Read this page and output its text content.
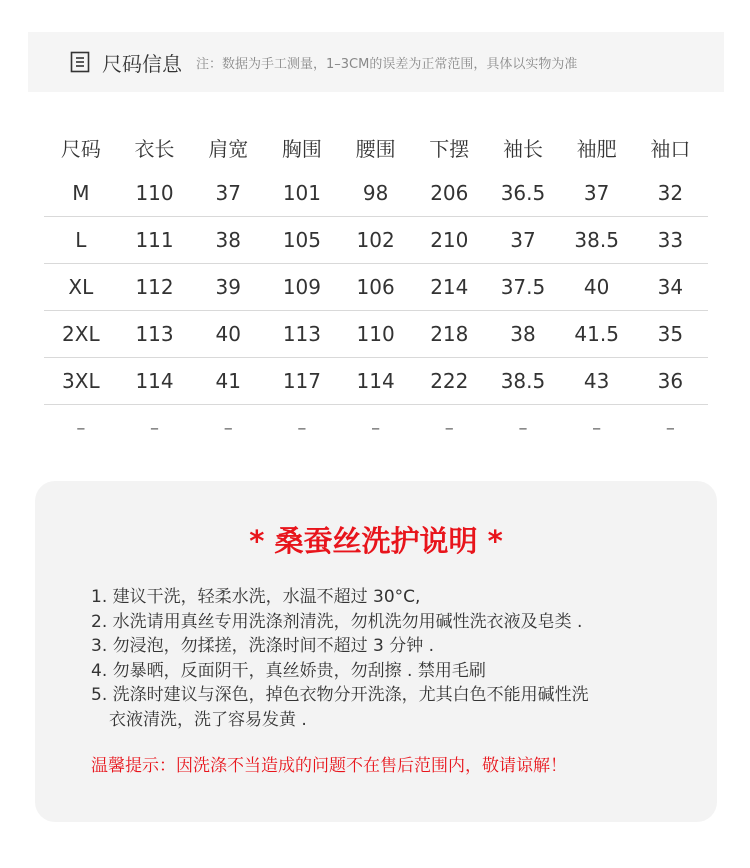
尺码信息 注：数据为手工测量，1–3CM的误差为正常范围，具体以实物为准
尺码	衣长	肩宽	胸围	腰围	下摆	袖长	袖肥	袖口
M	110	37	101	98	206	36.5	37	32
L	111	38	105	102	210	37	38.5	33
XL	112	39	109	106	214	37.5	40	34
2XL	113	40	113	110	218	38	41.5	35
3XL	114	41	117	114	222	38.5	43	36
–	–	–	–	–	–	–	–	–
* 桑蚕丝洗护说明 *
1. 建议干洗，轻柔水洗，水温不超过 30°C,
2. 水洗请用真丝专用洗涤剂清洗，勿机洗勿用碱性洗衣液及皂类 .
3. 勿浸泡，勿揉搓，洗涤时间不超过 3 分钟 .
4. 勿暴晒，反面阴干，真丝娇贵，勿刮擦 . 禁用毛刷
5. 洗涤时建议与深色，掉色衣物分开洗涤，尤其白色不能用碱性洗
衣液清洗，洗了容易发黄 .
温馨提示：因洗涤不当造成的问题不在售后范围内，敬请谅解！
